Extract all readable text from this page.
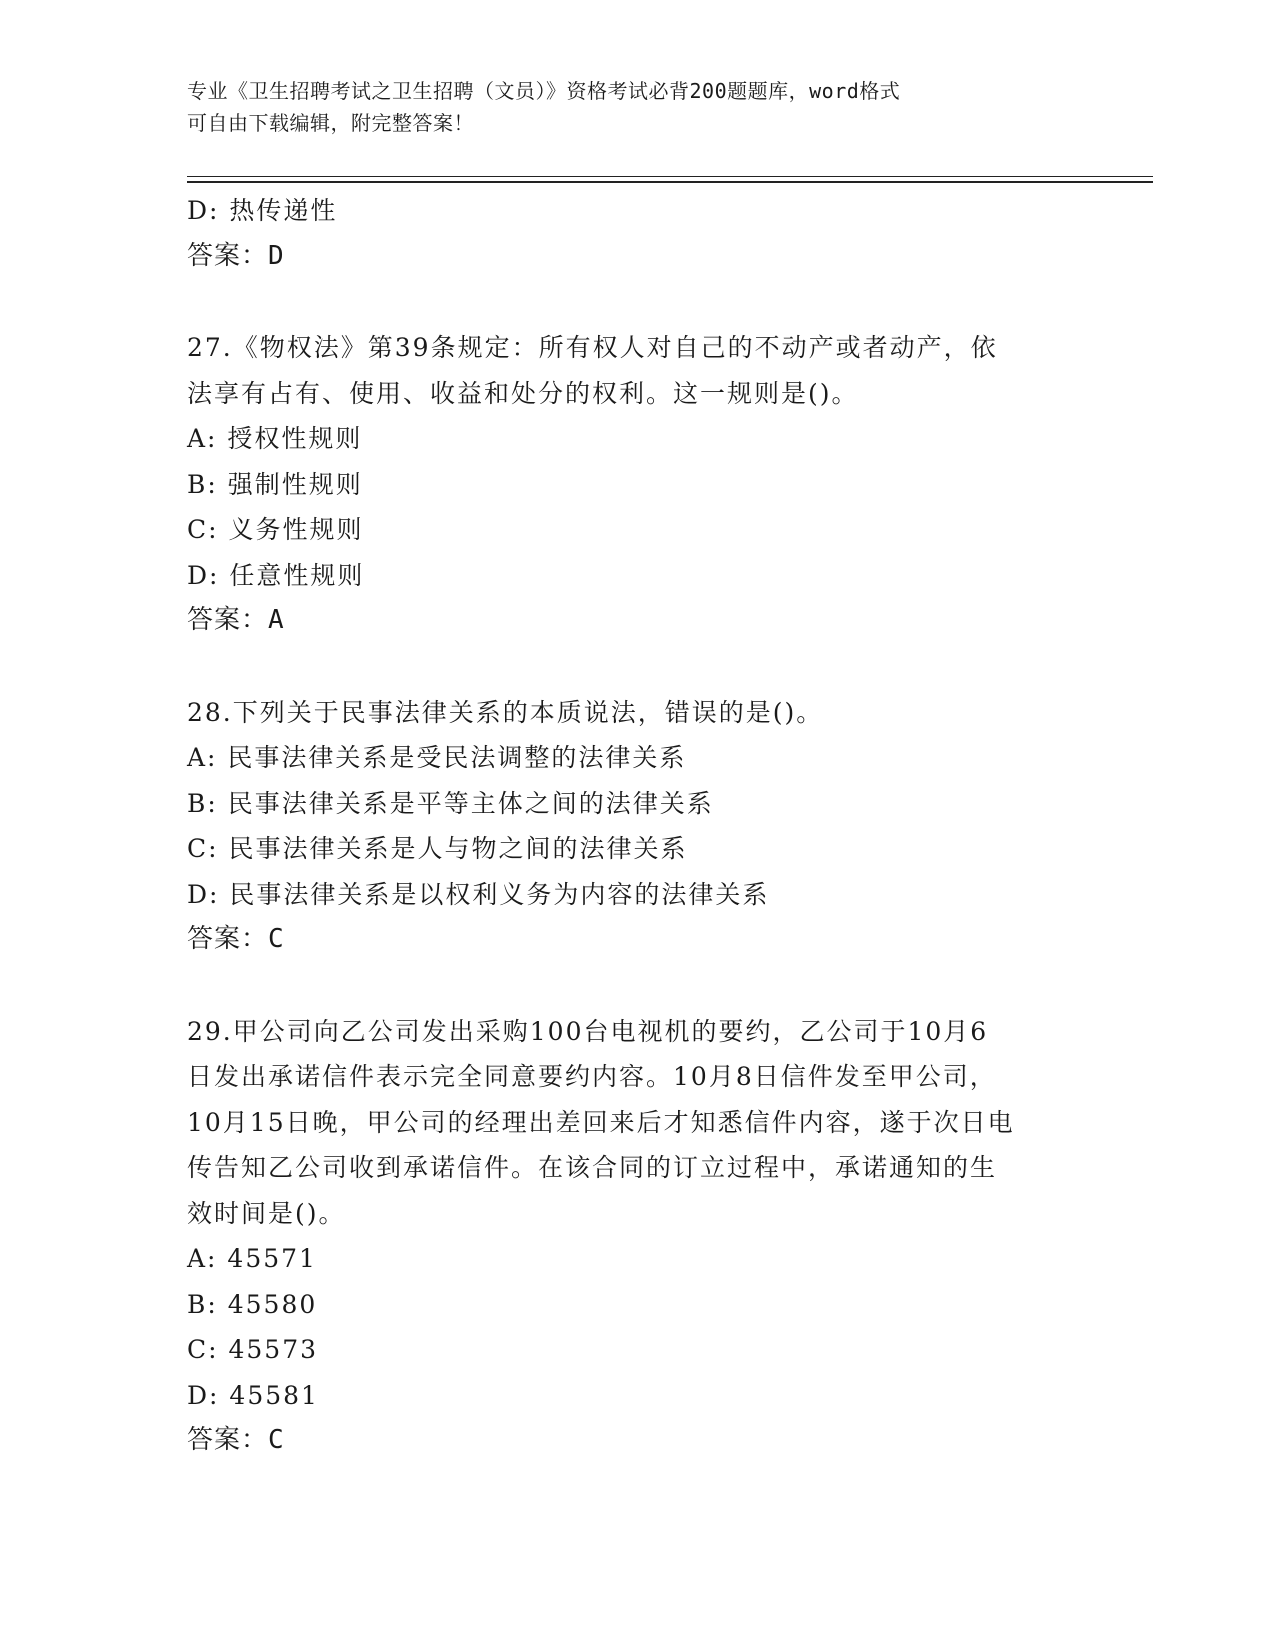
专业《卫生招聘考试之卫生招聘（文员）》资格考试必背200题题库，word格式
可自由下载编辑，附完整答案！
D: 热传递性
答案：D
27.《物权法》第39条规定：所有权人对自己的不动产或者动产，依
法享有占有、使用、收益和处分的权利。这一规则是()。
A: 授权性规则
B: 强制性规则
C: 义务性规则
D: 任意性规则
答案：A
28.下列关于民事法律关系的本质说法，错误的是()。
A: 民事法律关系是受民法调整的法律关系
B: 民事法律关系是平等主体之间的法律关系
C: 民事法律关系是人与物之间的法律关系
D: 民事法律关系是以权利义务为内容的法律关系
答案：C
29.甲公司向乙公司发出采购100台电视机的要约，乙公司于10月6
日发出承诺信件表示完全同意要约内容。10月8日信件发至甲公司，
10月15日晚，甲公司的经理出差回来后才知悉信件内容，遂于次日电
传告知乙公司收到承诺信件。在该合同的订立过程中，承诺通知的生
效时间是()。
A: 45571
B: 45580
C: 45573
D: 45581
答案：C
